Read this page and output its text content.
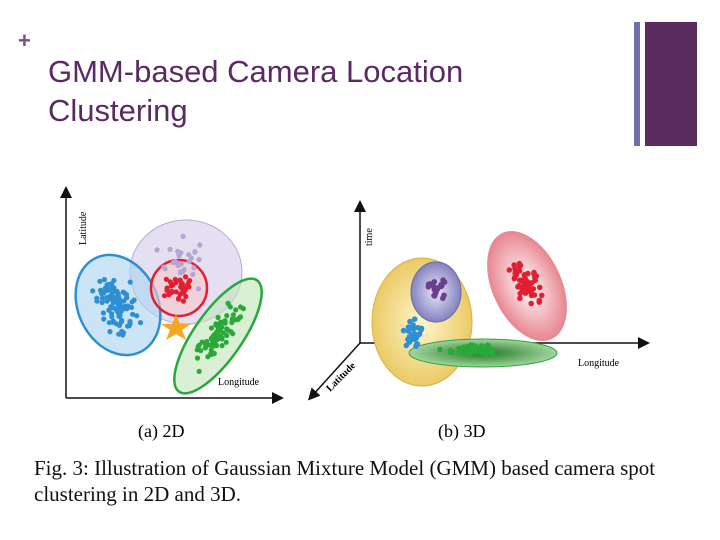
+
GMM-based Camera Location
Clustering
Latitude
Longitude
(a) 2D
time
Longitude
Latitude
(b) 3D
Fig. 3: Illustration of Gaussian Mixture Model (GMM) based camera spot clustering in 2D and 3D.
